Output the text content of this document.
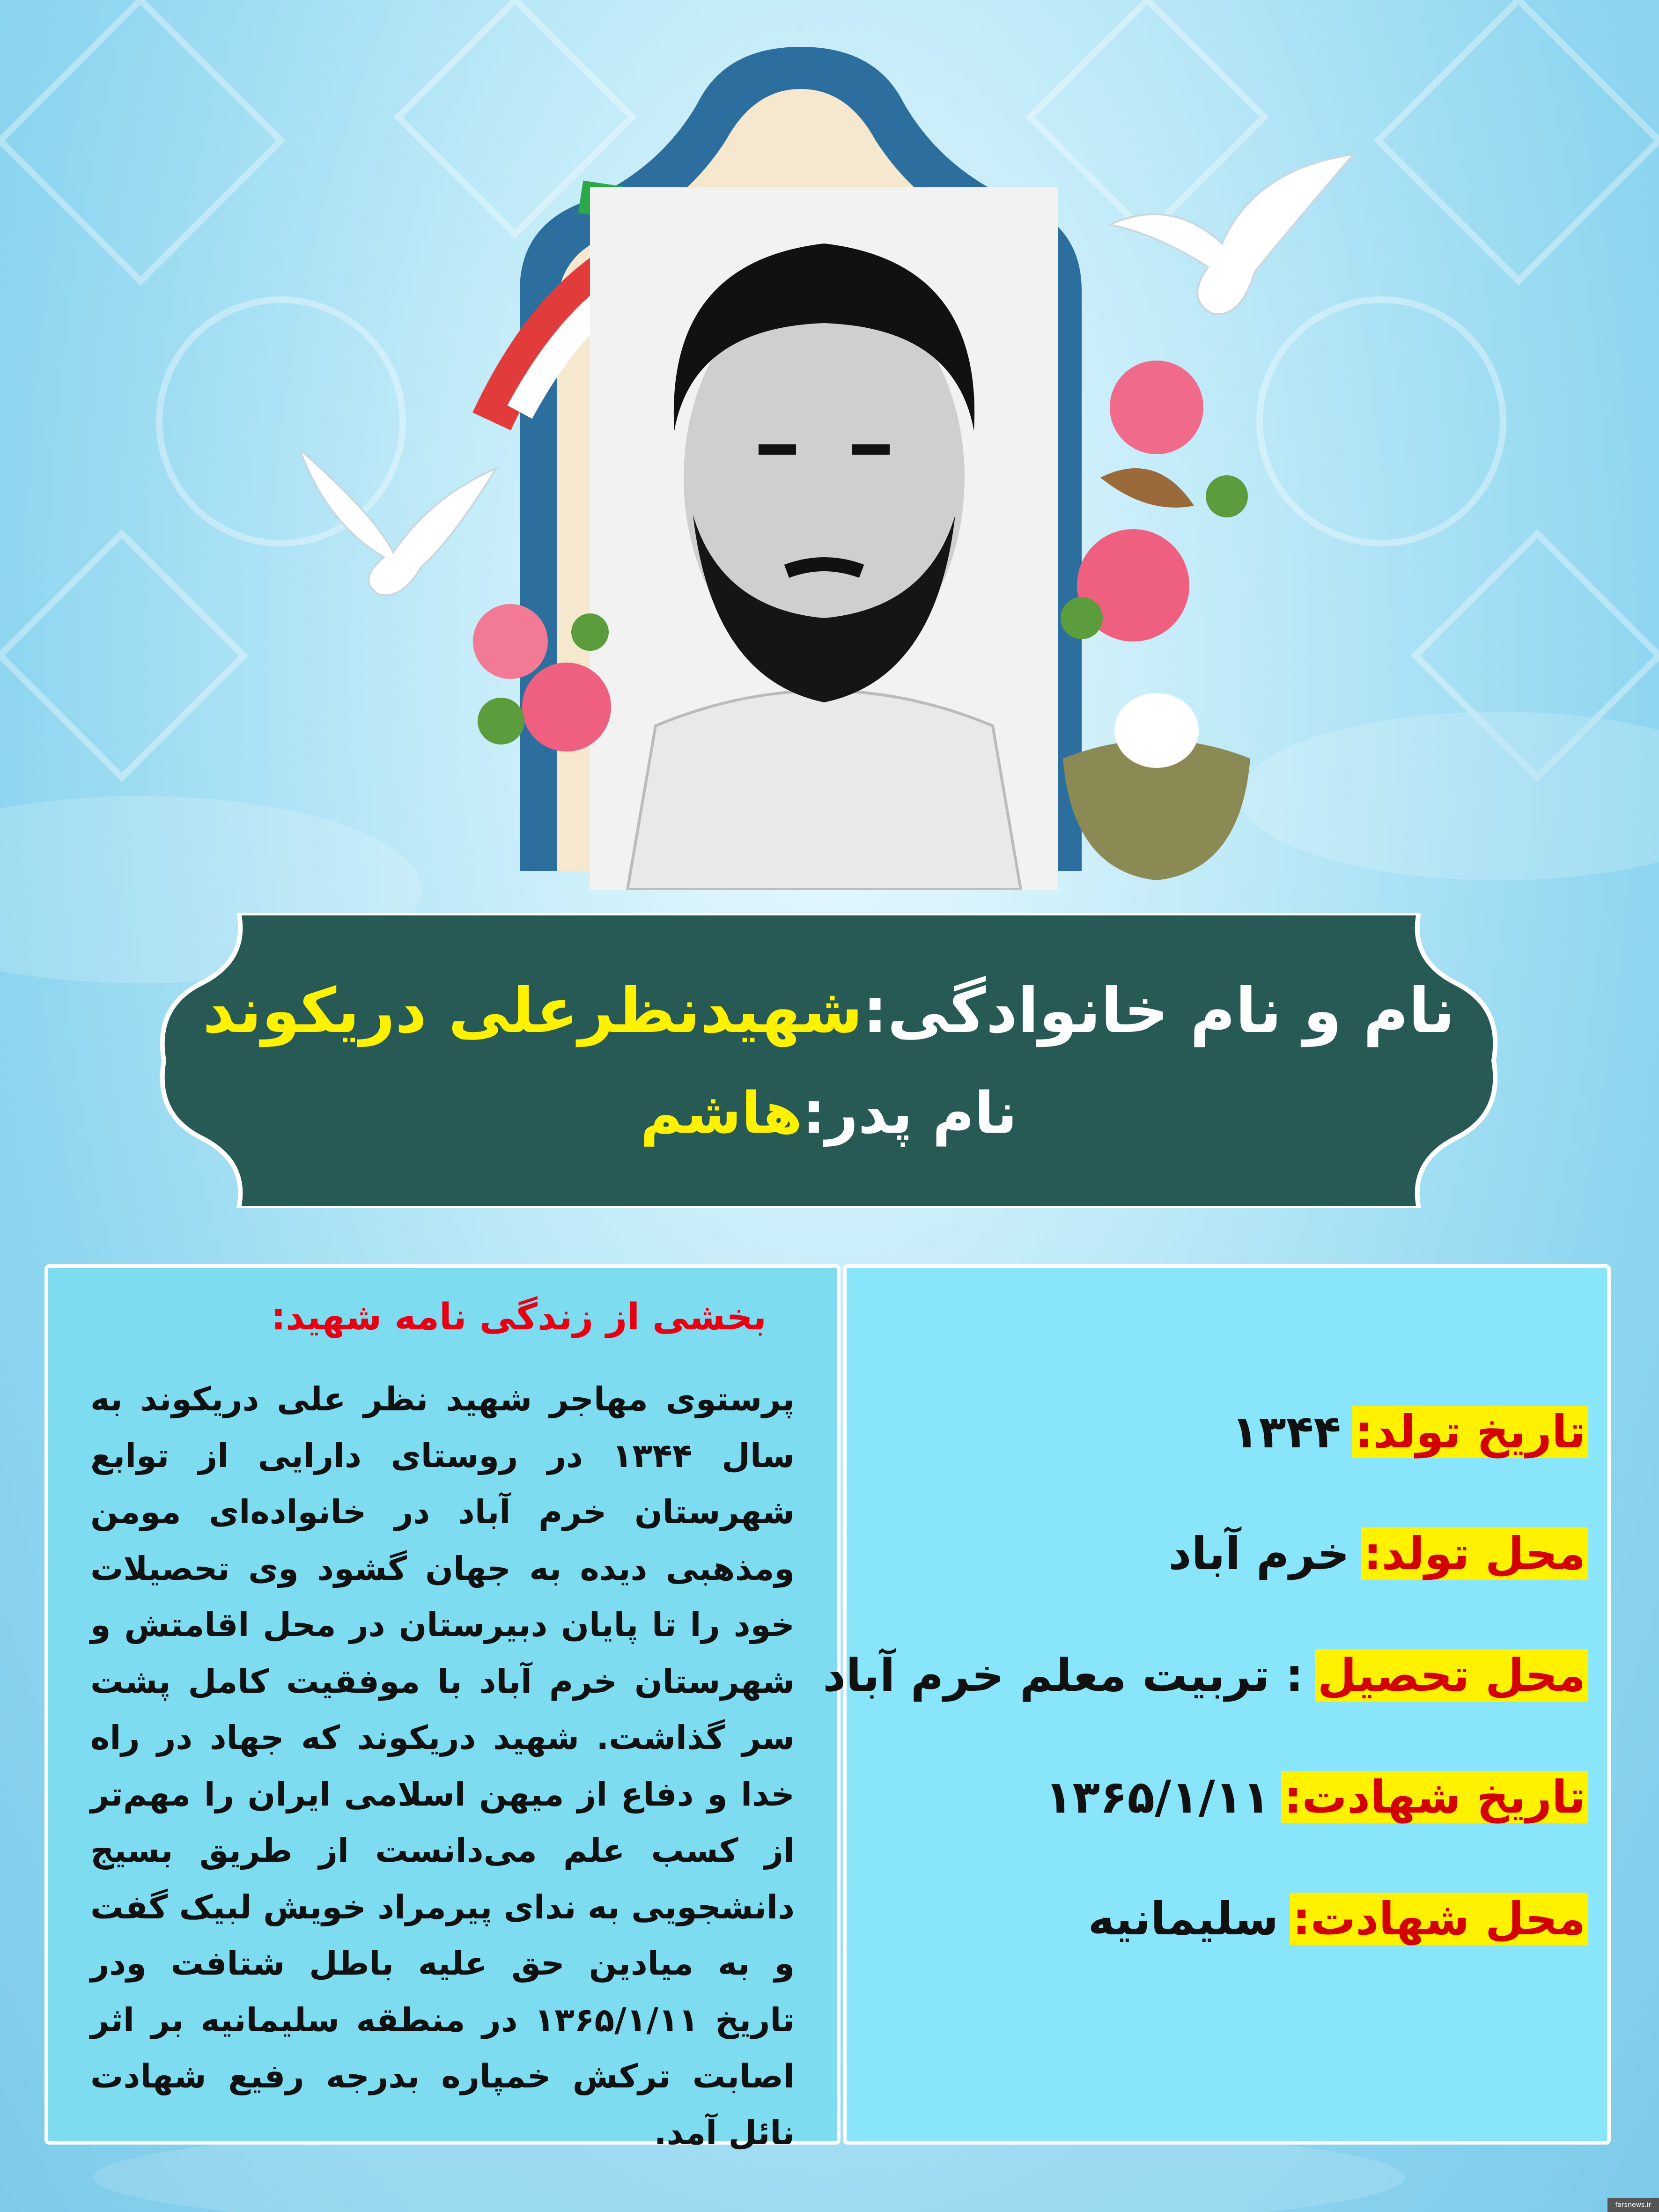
نام و نام خانوادگی:شهیدنظرعلی دریکوند
نام پدر:هاشم
بخشی از زندگی نامه شهید:
پرستوی مهاجر شهید نظر علی دریکوند به سال ۱۳۴۴ در روستای دارایی از توابع شهرستان خرم آباد در خانواده‌ای مومن ومذهبی دیده به جهان گشود وی تحصیلات خود را تا پایان دبیرستان در محل اقامتش و شهرستان خرم آباد با موفقیت کامل پشت سر گذاشت. شهید دریکوند که جهاد در راه خدا و دفاع از میهن اسلامی ایران را مهم‌تر از کسب علم می‌دانست از طریق بسیج دانشجویی به ندای پیرمراد خویش لبیک گفت و به میادین حق علیه باطل شتافت ودر تاریخ ۱۳۶۵/۱/۱۱ در منطقه سلیمانیه بر اثر اصابت ترکش خمپاره بدرجه رفیع شهادت نائل آمد.
تاریخ تولد:
۱۳۴۴
محل تولد:
خرم آباد
محل تحصیل
: تربیت معلم خرم آباد
تاریخ شهادت:
۱۳۶۵/۱/۱۱
محل شهادت:
سلیمانیه
farsnews.ir
